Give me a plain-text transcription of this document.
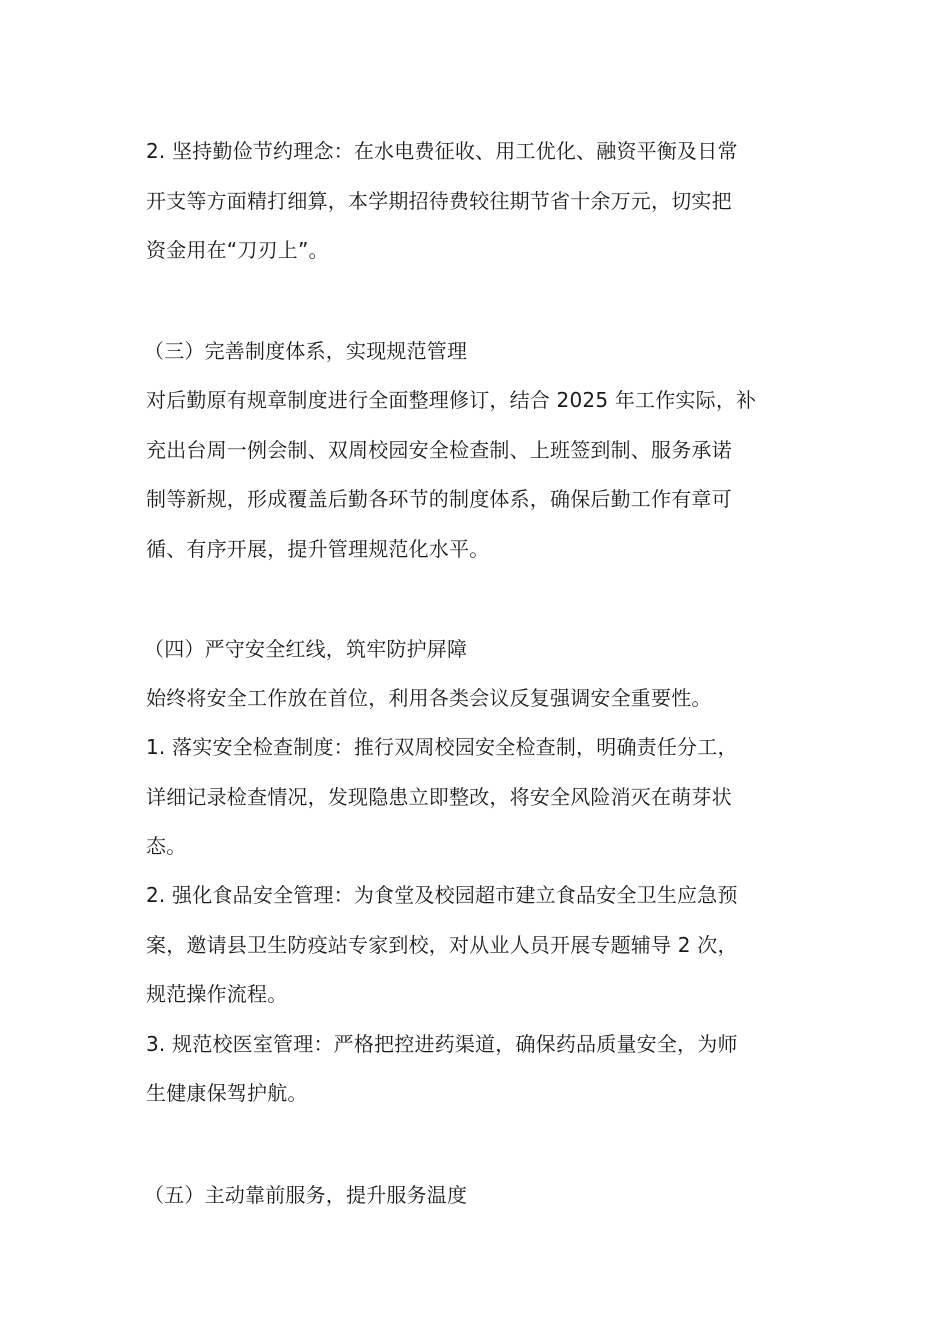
2. 坚持勤俭节约理念：在水电费征收、用工优化、融资平衡及日常
开支等方面精打细算，本学期招待费较往期节省十余万元，切实把
资金用在“刀刃上”。
（三）完善制度体系，实现规范管理
对后勤原有规章制度进行全面整理修订，结合 2025 年工作实际，补
充出台周一例会制、双周校园安全检查制、上班签到制、服务承诺
制等新规，形成覆盖后勤各环节的制度体系，确保后勤工作有章可
循、有序开展，提升管理规范化水平。
（四）严守安全红线，筑牢防护屏障
始终将安全工作放在首位，利用各类会议反复强调安全重要性。
1. 落实安全检查制度：推行双周校园安全检查制，明确责任分工，
详细记录检查情况，发现隐患立即整改，将安全风险消灭在萌芽状
态。
2. 强化食品安全管理：为食堂及校园超市建立食品安全卫生应急预
案，邀请县卫生防疫站专家到校，对从业人员开展专题辅导 2 次，
规范操作流程。
3. 规范校医室管理：严格把控进药渠道，确保药品质量安全，为师
生健康保驾护航。
（五）主动靠前服务，提升服务温度
